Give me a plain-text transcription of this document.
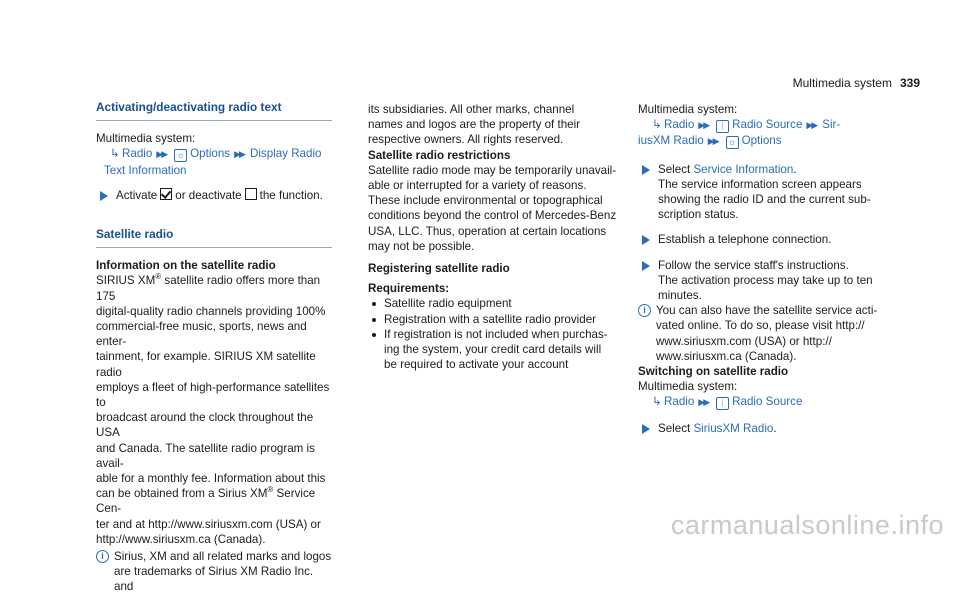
Multimedia system 339
Activating/deactivating radio text
Multimedia system:
↳ Radio ▶▶ ☼ Options ▶▶ Display Radio Text Information
Activate or deactivate the function.
Satellite radio
Information on the satellite radio
SIRIUS XM® satellite radio offers more than 175
digital-quality radio channels providing 100%
commercial-free music, sports, news and enter-
tainment, for example. SIRIUS XM satellite radio
employs a fleet of high-performance satellites to
broadcast around the clock throughout the USA
and Canada. The satellite radio program is avail-
able for a monthly fee. Information about this
can be obtained from a Sirius XM® Service Cen-
ter and at http://www.siriusxm.com (USA) or
http://www.siriusxm.ca (Canada).
i Sirius, XM and all related marks and logos
are trademarks of Sirius XM Radio Inc. and
its subsidiaries. All other marks, channel
names and logos are the property of their
respective owners. All rights reserved.
Satellite radio restrictions
Satellite radio mode may be temporarily unavail-
able or interrupted for a variety of reasons.
These include environmental or topographical
conditions beyond the control of Mercedes-Benz
USA, LLC. Thus, operation at certain locations
may not be possible.
Registering satellite radio
Requirements:
Satellite radio equipment
Registration with a satellite radio provider
If registration is not included when purchas-
ing the system, your credit card details will
be required to activate your account
Multimedia system:
↳ Radio ▶▶ ᛁ Radio Source ▶▶ Sir-
iusXM Radio ▶▶ ☼ Options
Select Service Information.
The service information screen appears
showing the radio ID and the current sub-
scription status.
Establish a telephone connection.
Follow the service staff's instructions.
The activation process may take up to ten
minutes.
i You can also have the satellite service acti-
vated online. To do so, please visit http://
www.siriusxm.com (USA) or http://
www.siriusxm.ca (Canada).
Switching on satellite radio
Multimedia system:
↳ Radio ▶▶ ᛁ Radio Source
Select SiriusXM Radio.
carmanualsonline.info
